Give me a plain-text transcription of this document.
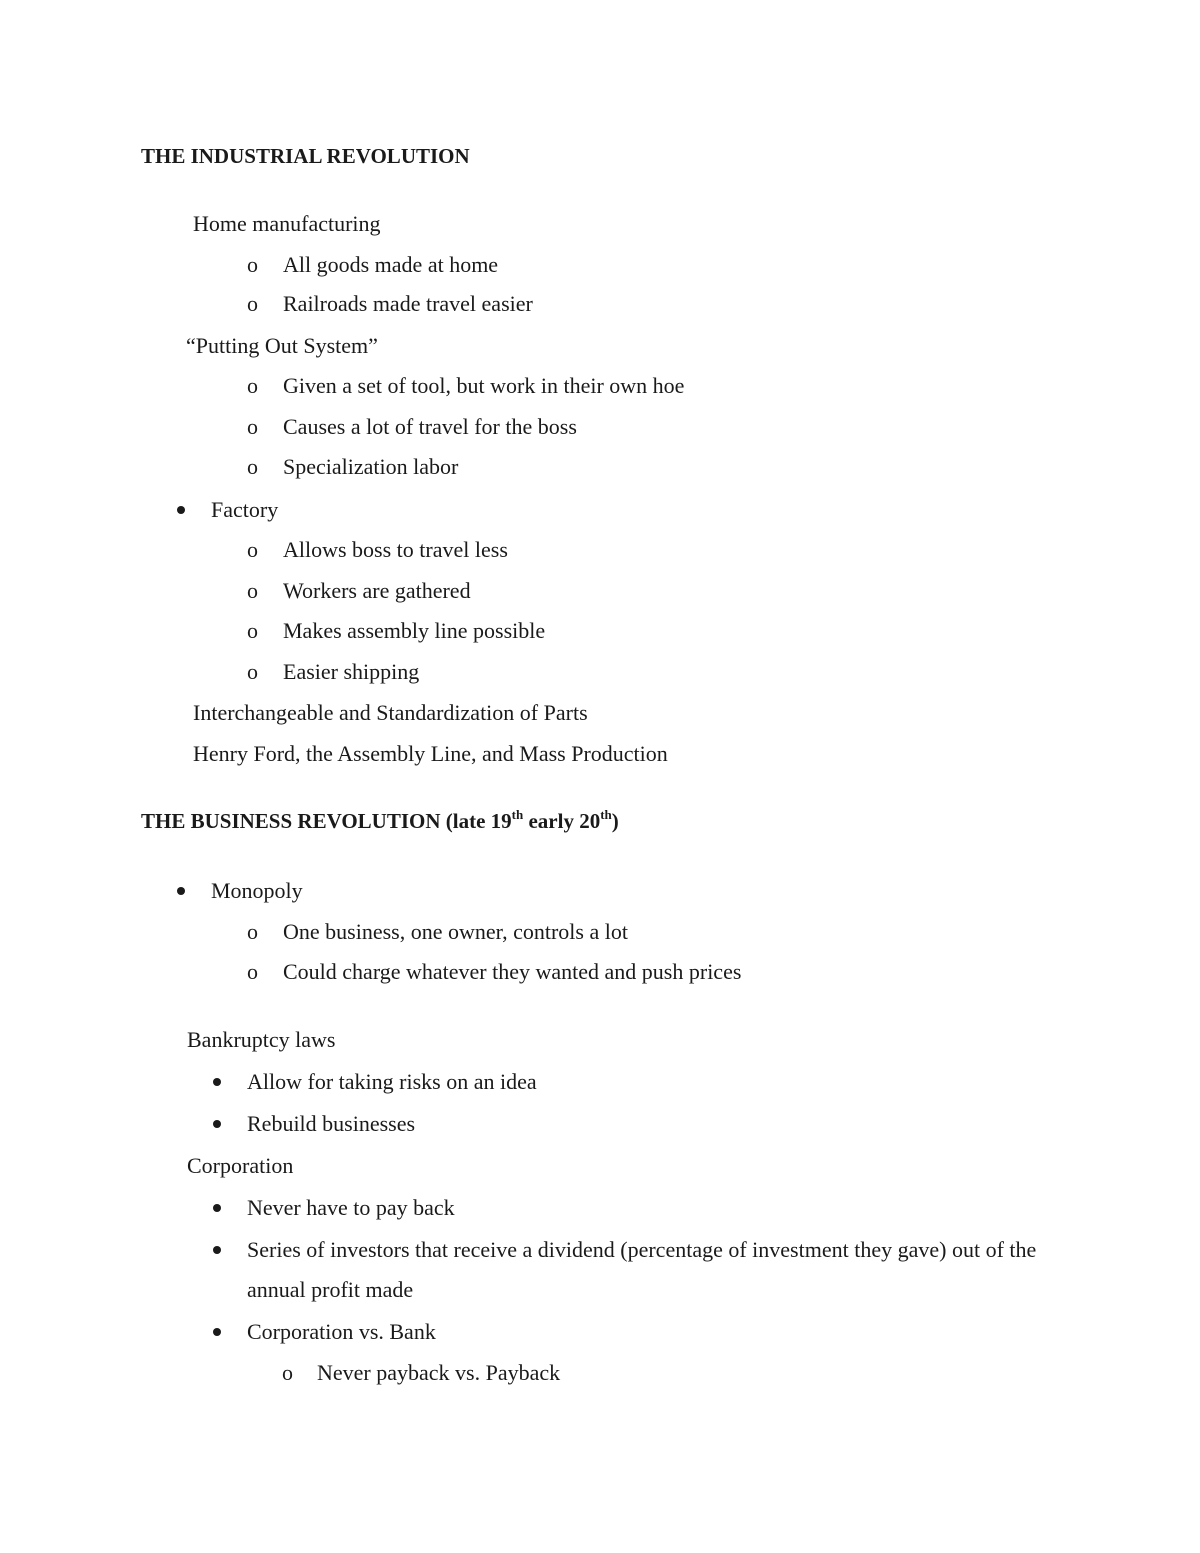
THE INDUSTRIAL REVOLUTION
Home manufacturing
o All goods made at home
o Railroads made travel easier
“Putting Out System”
o Given a set of tool, but work in their own hoe
o Causes a lot of travel for the boss
o Specialization labor
Factory
o Allows boss to travel less
o Workers are gathered
o Makes assembly line possible
o Easier shipping
Interchangeable and Standardization of Parts
Henry Ford, the Assembly Line, and Mass Production
THE BUSINESS REVOLUTION (late 19th early 20th)
Monopoly
o One business, one owner, controls a lot
o Could charge whatever they wanted and push prices
Bankruptcy laws
Allow for taking risks on an idea
Rebuild businesses
Corporation
Never have to pay back
Series of investors that receive a dividend (percentage of investment they gave) out of the annual profit made
Corporation vs. Bank
o Never payback vs. Payback
